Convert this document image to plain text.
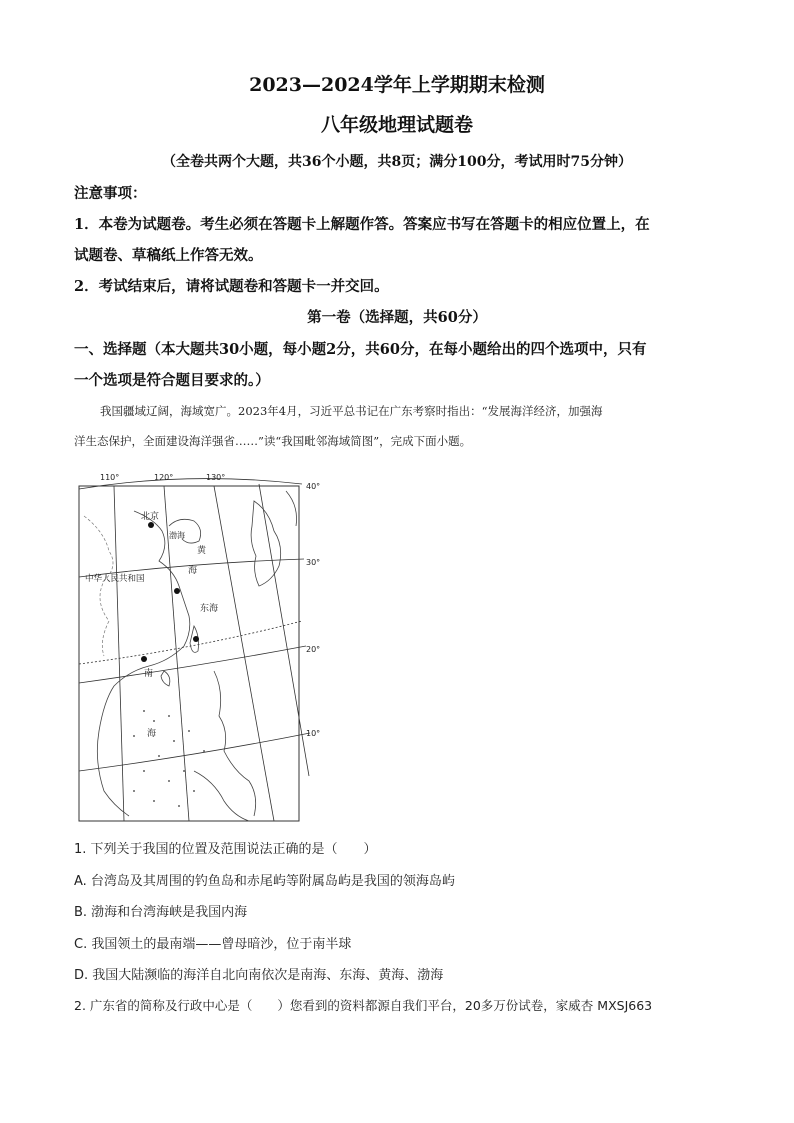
2023—2024学年上学期期末检测
八年级地理试题卷
（全卷共两个大题，共36个小题，共8页；满分100分，考试用时75分钟）
注意事项：
1．本卷为试题卷。考生必须在答题卡上解题作答。答案应书写在答题卡的相应位置上，在
试题卷、草稿纸上作答无效。
2．考试结束后，请将试题卷和答题卡一并交回。
第一卷（选择题，共60分）
一、选择题（本大题共30小题，每小题2分，共60分，在每小题给出的四个选项中，只有
一个选项是符合题目要求的。）
我国疆域辽阔，海域宽广。2023年4月，习近平总书记在广东考察时指出：“发展海洋经济，加强海
洋生态保护，全面建设海洋强省……”读“我国毗邻海域简图”，完成下面小题。
110°	120°	130°
40°
30°
20°
10°
北京
渤海
黄
海
中华人民共和国
东海
南
海
1. 下列关于我国的位置及范围说法正确的是（　　）
A. 台湾岛及其周围的钓鱼岛和赤尾屿等附属岛屿是我国的领海岛屿
B. 渤海和台湾海峡是我国内海
C. 我国领土的最南端——曾母暗沙，位于南半球
D. 我国大陆濒临的海洋自北向南依次是南海、东海、黄海、渤海
2. 广东省的简称及行政中心是（　　）您看到的资料都源自我们平台，20多万份试卷，家威杏 MXSJ663
